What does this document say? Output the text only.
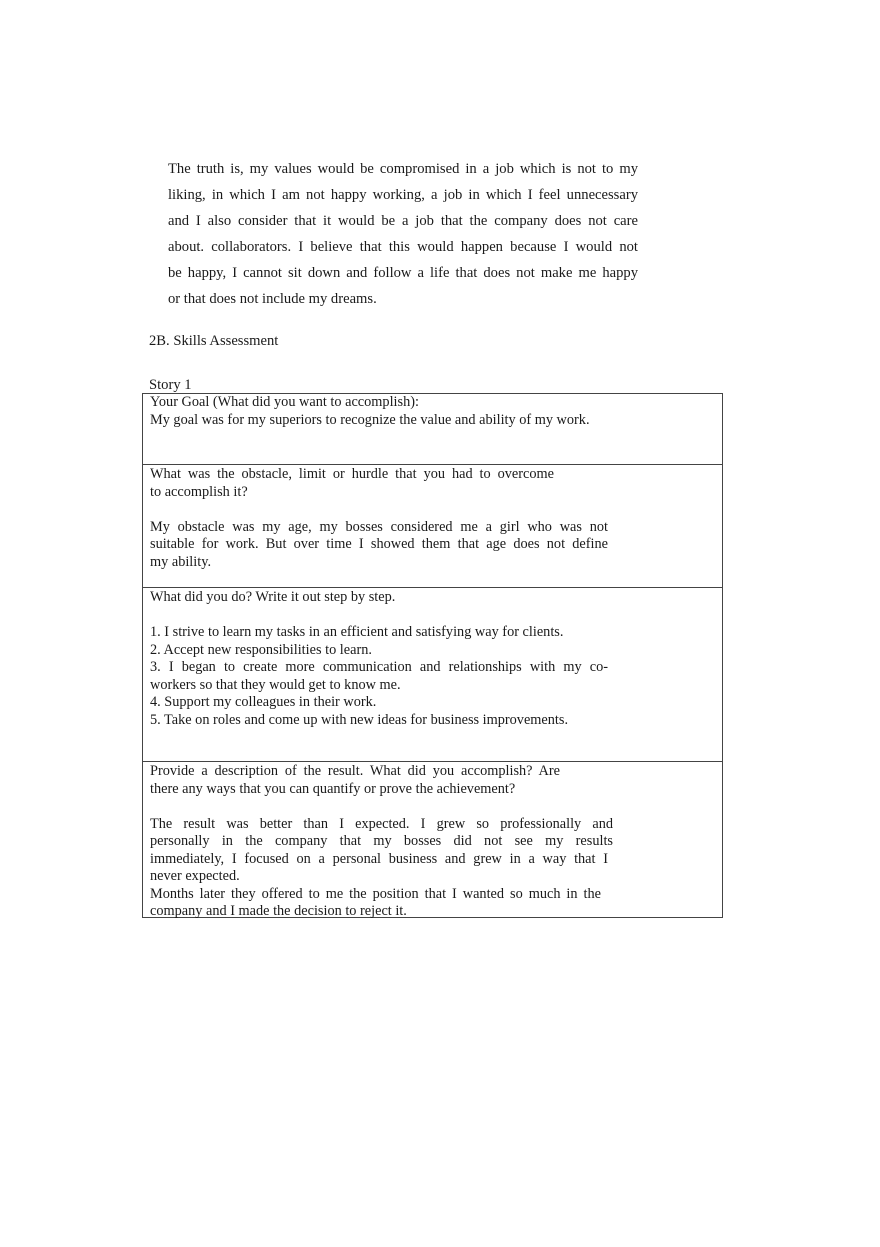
The truth is, my values would be compromised in a job which is not to my
liking, in which I am not happy working, a job in which I feel unnecessary
and I also consider that it would be a job that the company does not care
about. collaborators. I believe that this would happen because I would not
be happy, I cannot sit down and follow a life that does not make me happy
or that does not include my dreams.
2B. Skills Assessment
Story 1
Your Goal (What did you want to accomplish):
My goal was for my superiors to recognize the value and ability of my work.
What was the obstacle, limit or hurdle that you had to overcome
to accomplish it?
My obstacle was my age, my bosses considered me a girl who was not
suitable for work. But over time I showed them that age does not define
my ability.
What did you do? Write it out step by step.
1. I strive to learn my tasks in an efficient and satisfying way for clients.
2. Accept new responsibilities to learn.
3. I began to create more communication and relationships with my co-
workers so that they would get to know me.
4. Support my colleagues in their work.
5. Take on roles and come up with new ideas for business improvements.
Provide a description of the result. What did you accomplish? Are
there any ways that you can quantify or prove the achievement?
The result was better than I expected. I grew so professionally and
personally in the company that my bosses did not see my results
immediately, I focused on a personal business and grew in a way that I
never expected.
Months later they offered to me the position that I wanted so much in the
company and I made the decision to reject it.
